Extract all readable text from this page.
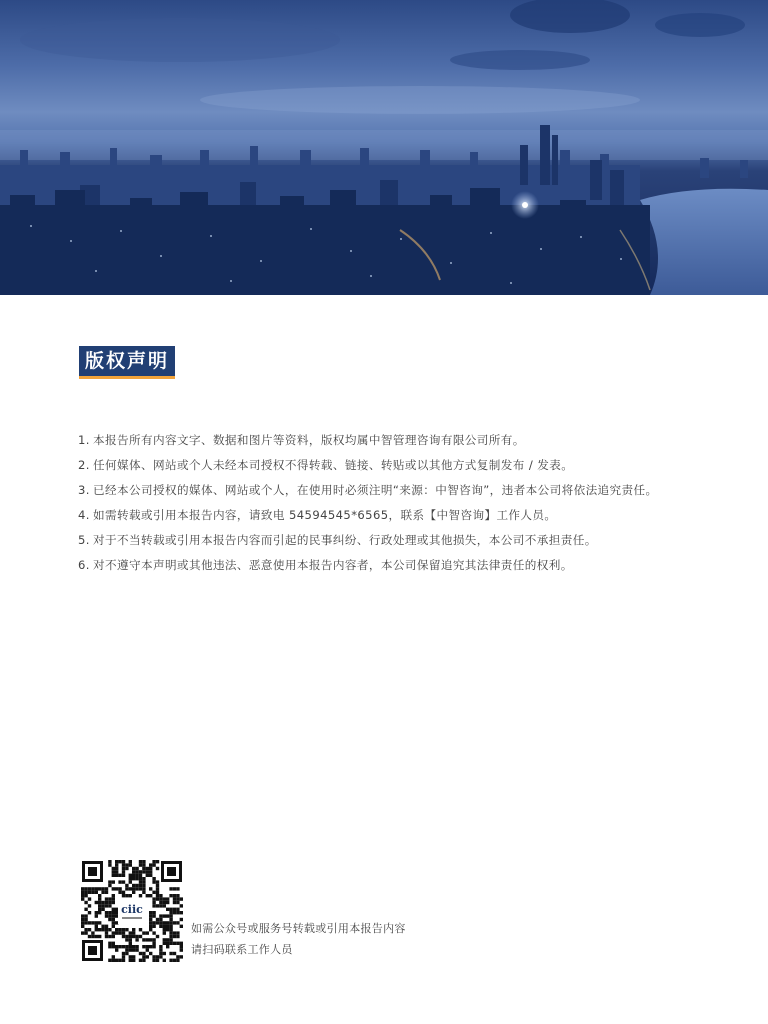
版权声明
1. 本报告所有内容文字、数据和图片等资料，版权均属中智管理咨询有限公司所有。
2. 任何媒体、网站或个人未经本司授权不得转载、链接、转贴或以其他方式复制发布 / 发表。
3. 已经本公司授权的媒体、网站或个人，在使用时必须注明“来源：中智咨询”，违者本公司将依法追究责任。
4. 如需转载或引用本报告内容，请致电 54594545*6565，联系【中智咨询】工作人员。
5. 对于不当转载或引用本报告内容而引起的民事纠纷、行政处理或其他损失，本公司不承担责任。
6. 对不遵守本声明或其他违法、恶意使用本报告内容者，本公司保留追究其法律责任的权利。
ciic
如需公众号或服务号转载或引用本报告内容
请扫码联系工作人员
